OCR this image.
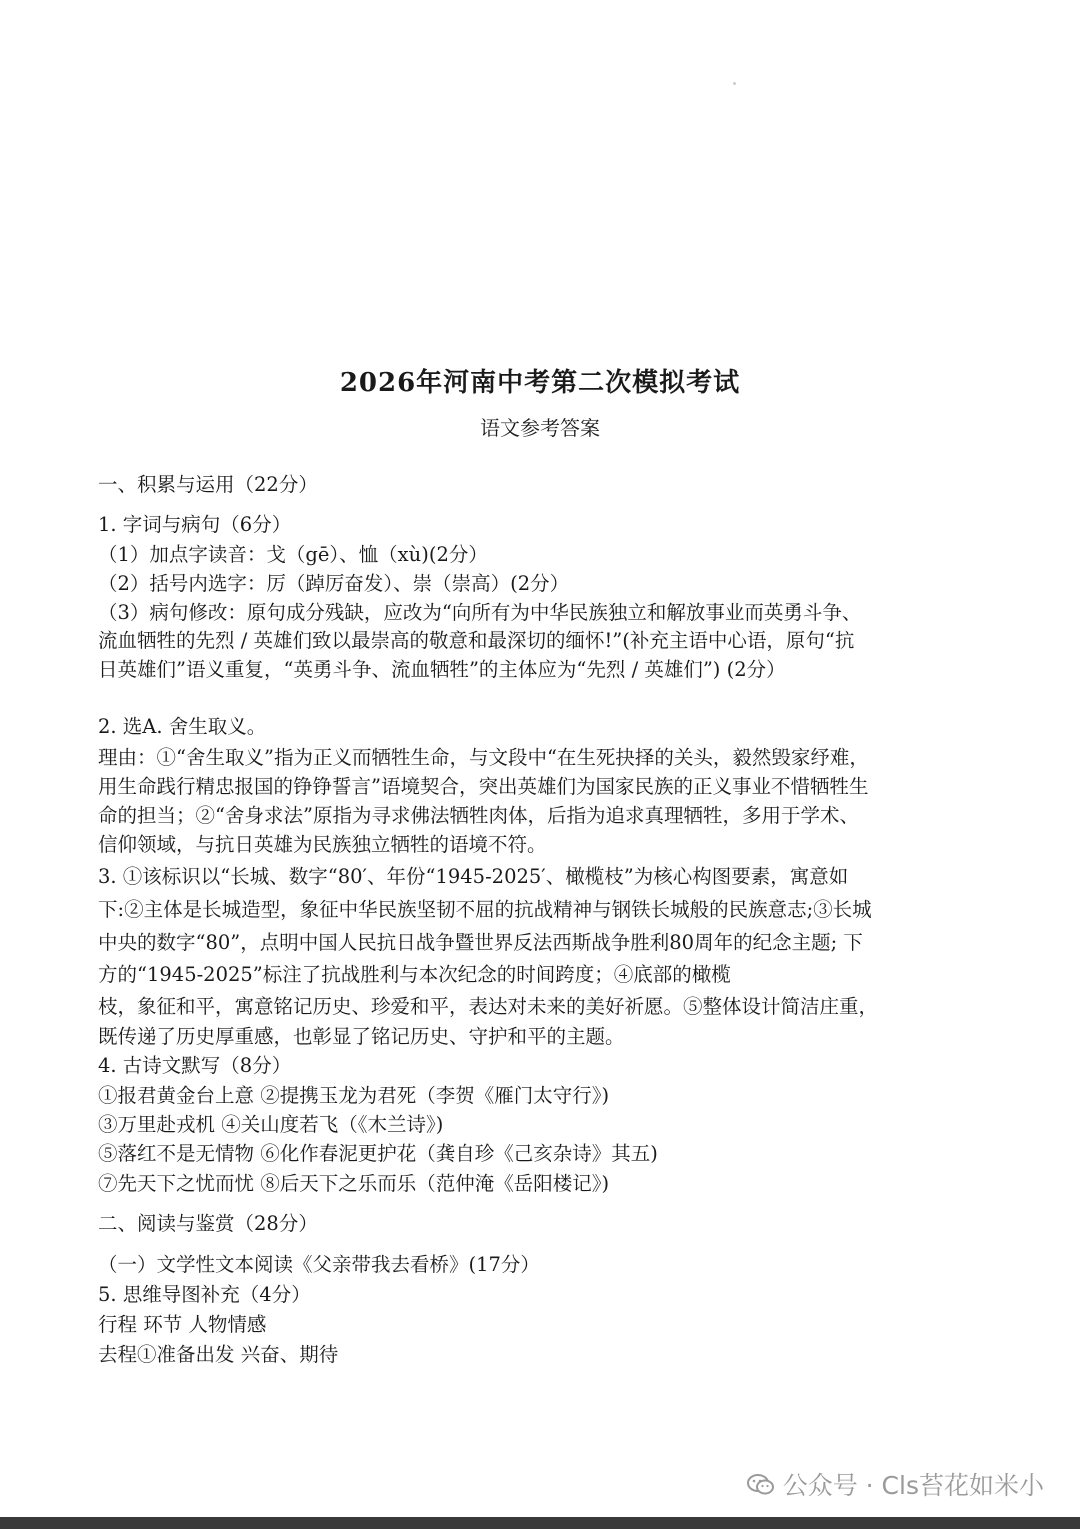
2026年河南中考第二次模拟考试
语文参考答案
一、积累与运用（22分）
1. 字词与病句（6分）
（1）加点字读音：戈（gē）、恤（xù)(2分）
（2）括号内选字：厉（踔厉奋发）、崇（崇高）(2分）
（3）病句修改：原句成分残缺，应改为“向所有为中华民族独立和解放事业而英勇斗争、
流血牺牲的先烈 / 英雄们致以最崇高的敬意和最深切的缅怀!”(补充主语中心语，原句“抗
日英雄们”语义重复，“英勇斗争、流血牺牲”的主体应为“先烈 / 英雄们”) (2分）
2. 选A. 舍生取义。
理由：①“舍生取义”指为正义而牺牲生命，与文段中“在生死抉择的关头，毅然毁家纾难，
用生命践行精忠报国的铮铮誓言”语境契合，突出英雄们为国家民族的正义事业不惜牺牲生
命的担当；②“舍身求法”原指为寻求佛法牺牲肉体，后指为追求真理牺牲，多用于学术、
信仰领域，与抗日英雄为民族独立牺牲的语境不符。
3. ①该标识以“长城、数字“80′、年份“1945-2025′、橄榄枝”为核心构图要素，寓意如
下:②主体是长城造型，象征中华民族坚韧不屈的抗战精神与钢铁长城般的民族意志;③长城
中央的数字“80”，点明中国人民抗日战争暨世界反法西斯战争胜利80周年的纪念主题; 下
方的“1945-2025”标注了抗战胜利与本次纪念的时间跨度；④底部的橄榄
枝，象征和平，寓意铭记历史、珍爱和平，表达对未来的美好祈愿。⑤整体设计简洁庄重，
既传递了历史厚重感，也彰显了铭记历史、守护和平的主题。
4. 古诗文默写（8分）
①报君黄金台上意 ②提携玉龙为君死（李贺《雁门太守行》)
③万里赴戎机 ④关山度若飞（《木兰诗》)
⑤落红不是无情物 ⑥化作春泥更护花（龚自珍《己亥杂诗》其五)
⑦先天下之忧而忧 ⑧后天下之乐而乐（范仲淹《岳阳楼记》)
二、阅读与鉴赏（28分）
（一）文学性文本阅读《父亲带我去看桥》(17分）
5. 思维导图补充（4分）
行程 环节 人物情感
去程①准备出发 兴奋、期待
公众号 · Cls苔花如米小
